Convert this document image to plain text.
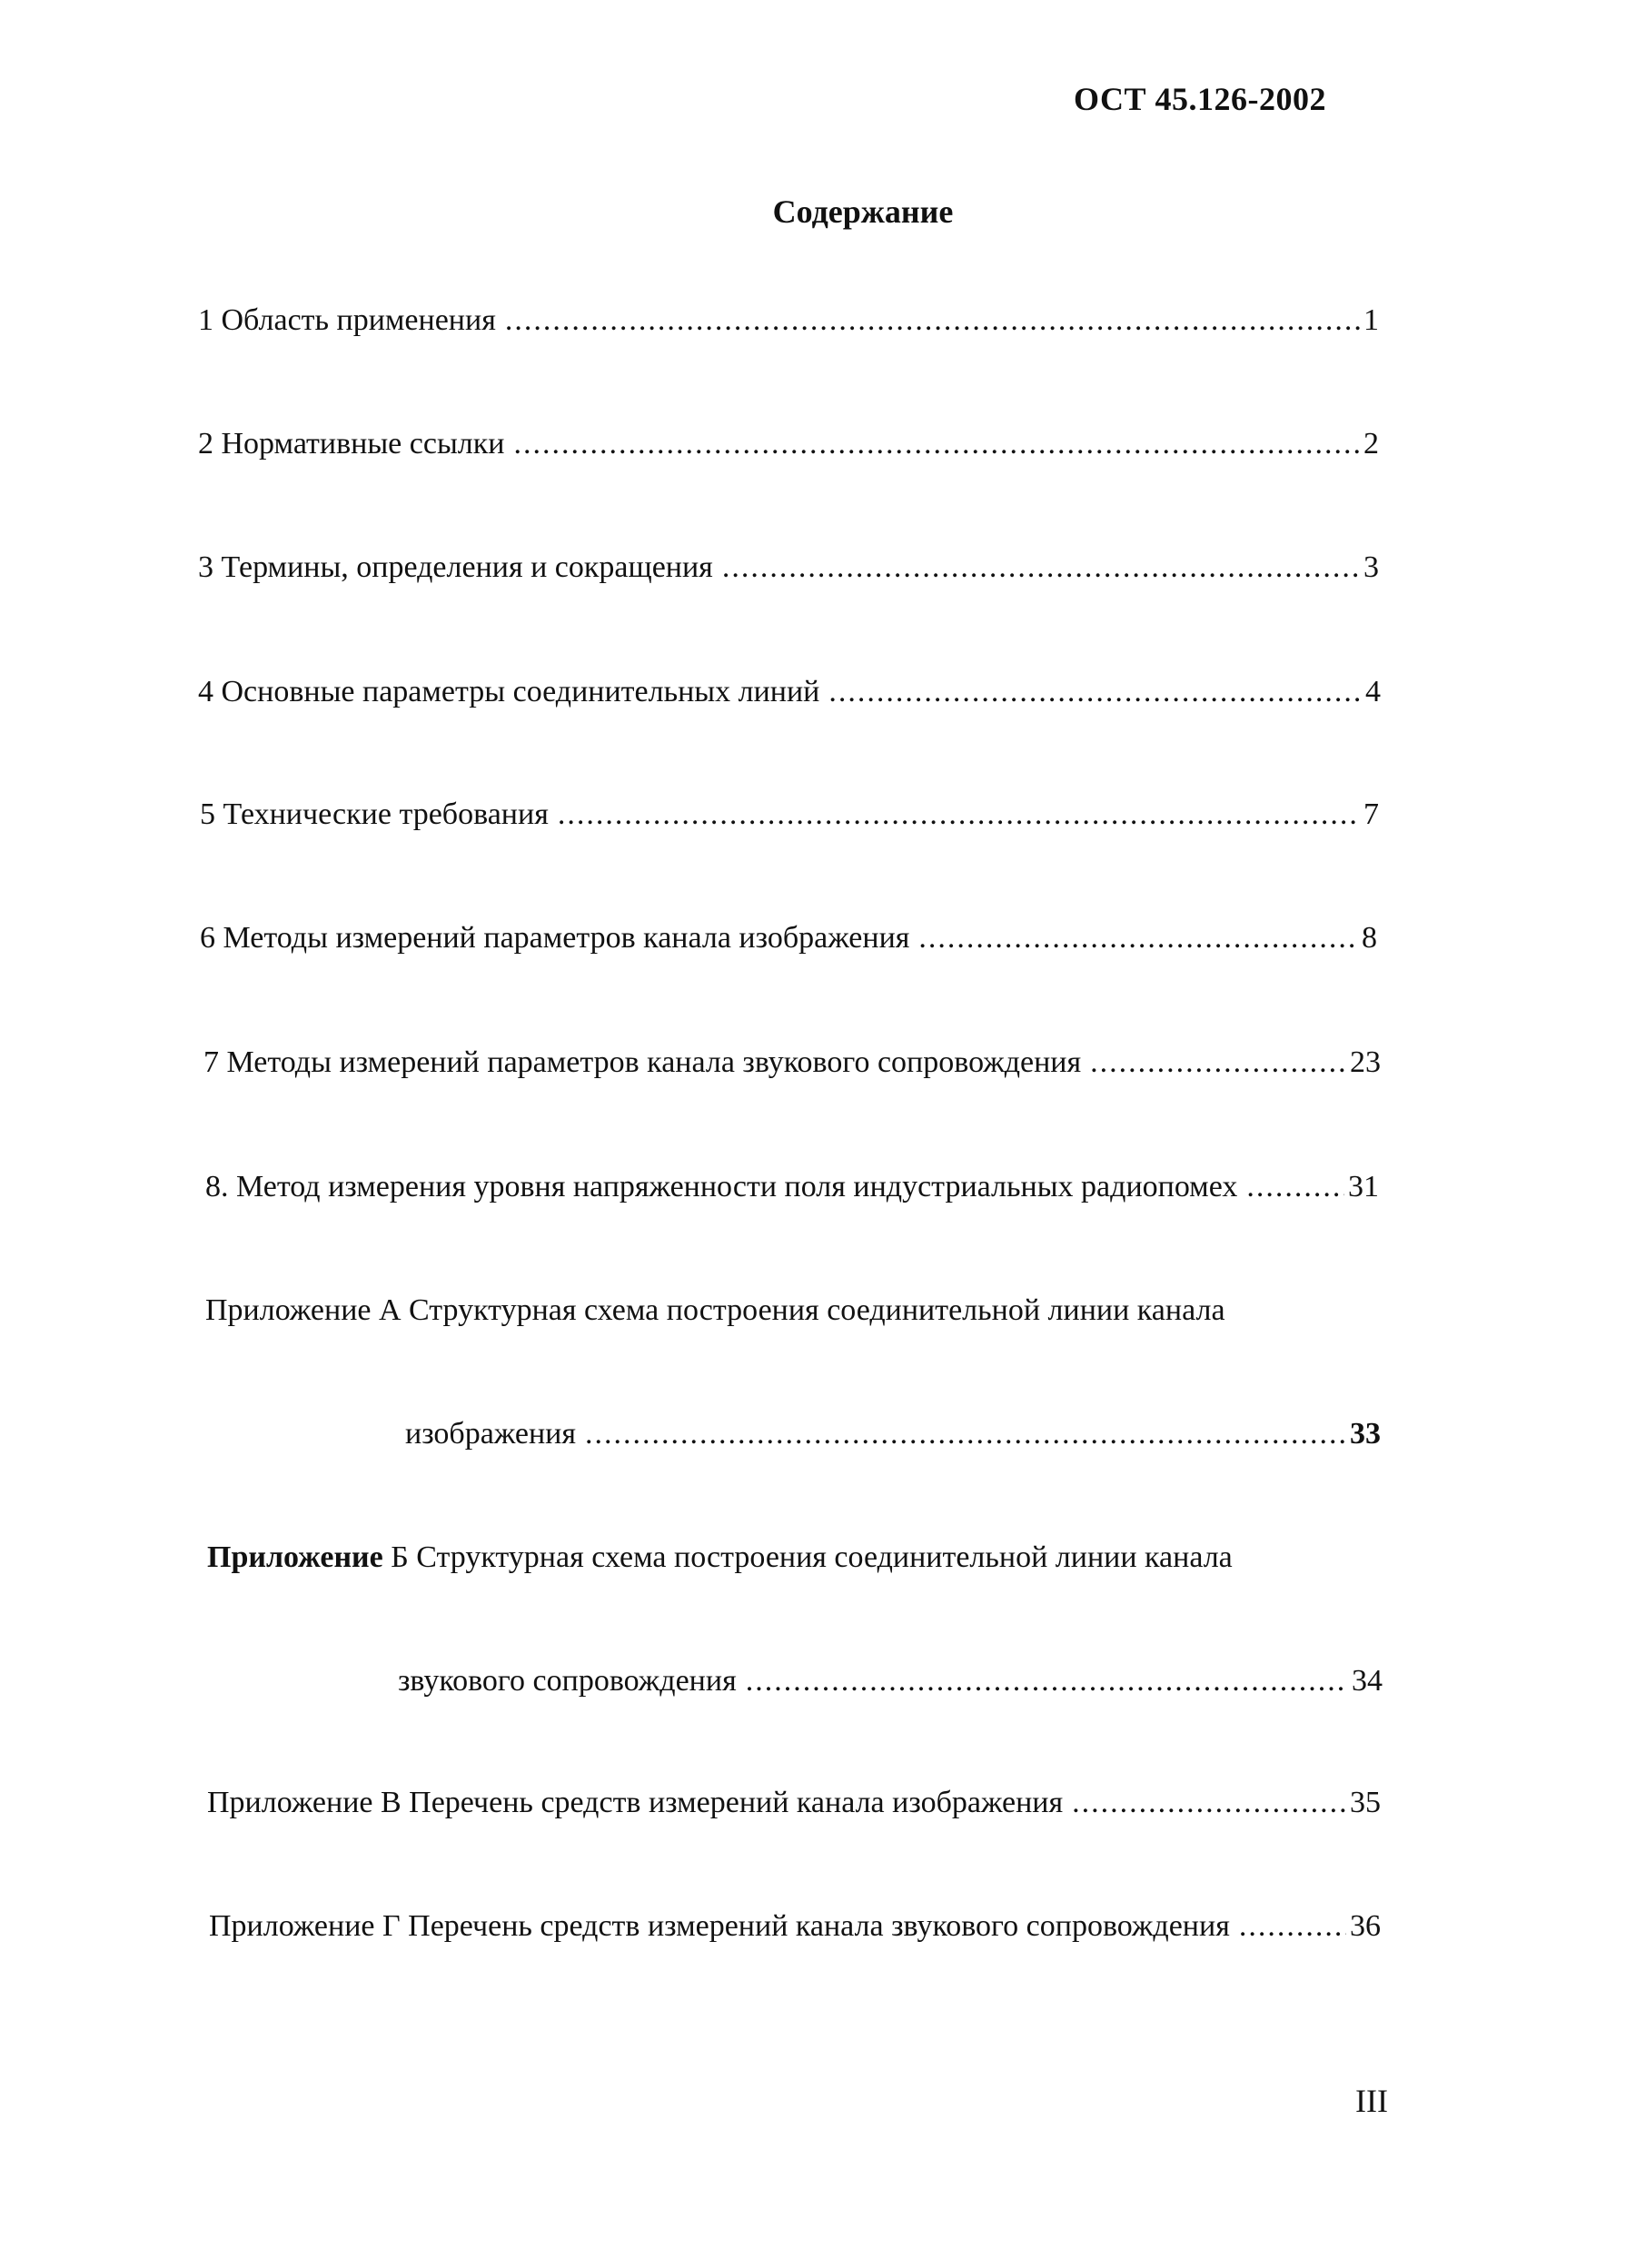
ОСТ 45.126-2002
Содержание
1 Область применения .....	1
2 Нормативные ссылки .....	2
3 Термины, определения и сокращения .....	3
4 Основные параметры соединительных линий .....	4
5 Технические требования .....	7
6 Методы измерений параметров канала изображения .....	8
7 Методы измерений параметров канала звукового сопровождения .....	23
8. Метод измерения уровня напряженности поля индустриальных радиопомех .....	31
Приложение А Структурная схема построения соединительной линии канала
изображения .....	33
Приложение Б Структурная схема построения соединительной линии канала
звукового сопровождения .....	34
Приложение В Перечень средств измерений канала изображения .....	35
Приложение Г Перечень средств измерений канала звукового сопровождения .....	36
III
